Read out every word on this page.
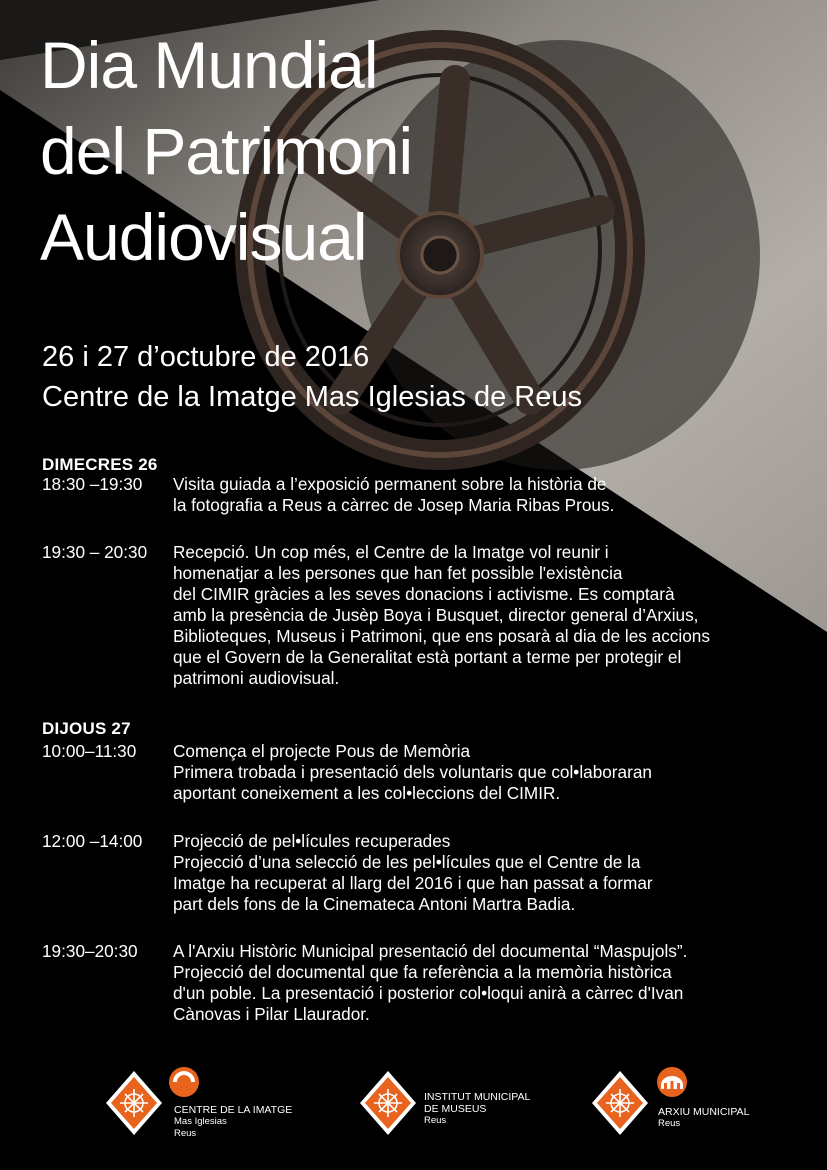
Dia Mundial
del Patrimoni
Audiovisual
26 i 27 d’octubre de 2016
Centre de la Imatge Mas Iglesias de Reus
DIMECRES 26
18:30 –19:30 Visita guiada a l’exposició permanent sobre la història de
la fotografia a Reus a càrrec de Josep Maria Ribas Prous.
19:30 – 20:30 Recepció. Un cop més, el Centre de la Imatge vol reunir i
homenatjar a les persones que han fet possible l'existència
del CIMIR gràcies a les seves donacions i activisme. Es comptarà
amb la presència de Jusèp Boya i Busquet, director general d’Arxius,
Biblioteques, Museus i Patrimoni, que ens posarà al dia de les accions
que el Govern de la Generalitat està portant a terme per protegir el
patrimoni audiovisual.
DIJOUS 27
10:00–11:30 Comença el projecte Pous de Memòria
Primera trobada i presentació dels voluntaris que col•laboraran
aportant coneixement a les col•leccions del CIMIR.
12:00 –14:00 Projecció de pel•lícules recuperades
Projecció d’una selecció de les pel•lícules que el Centre de la
Imatge ha recuperat al llarg del 2016 i que han passat a formar
part dels fons de la Cinemateca Antoni Martra Badia.
19:30–20:30 A l'Arxiu Històric Municipal presentació del documental “Maspujols”.
Projecció del documental que fa referència a la memòria històrica
d'un poble. La presentació i posterior col•loqui anirà a càrrec d'Ivan
Cànovas i Pilar Llaurador.
CENTRE DE LA IMATGE
Mas Iglesias
Reus
INSTITUT MUNICIPAL
DE MUSEUS
Reus
ARXIU MUNICIPAL
Reus
